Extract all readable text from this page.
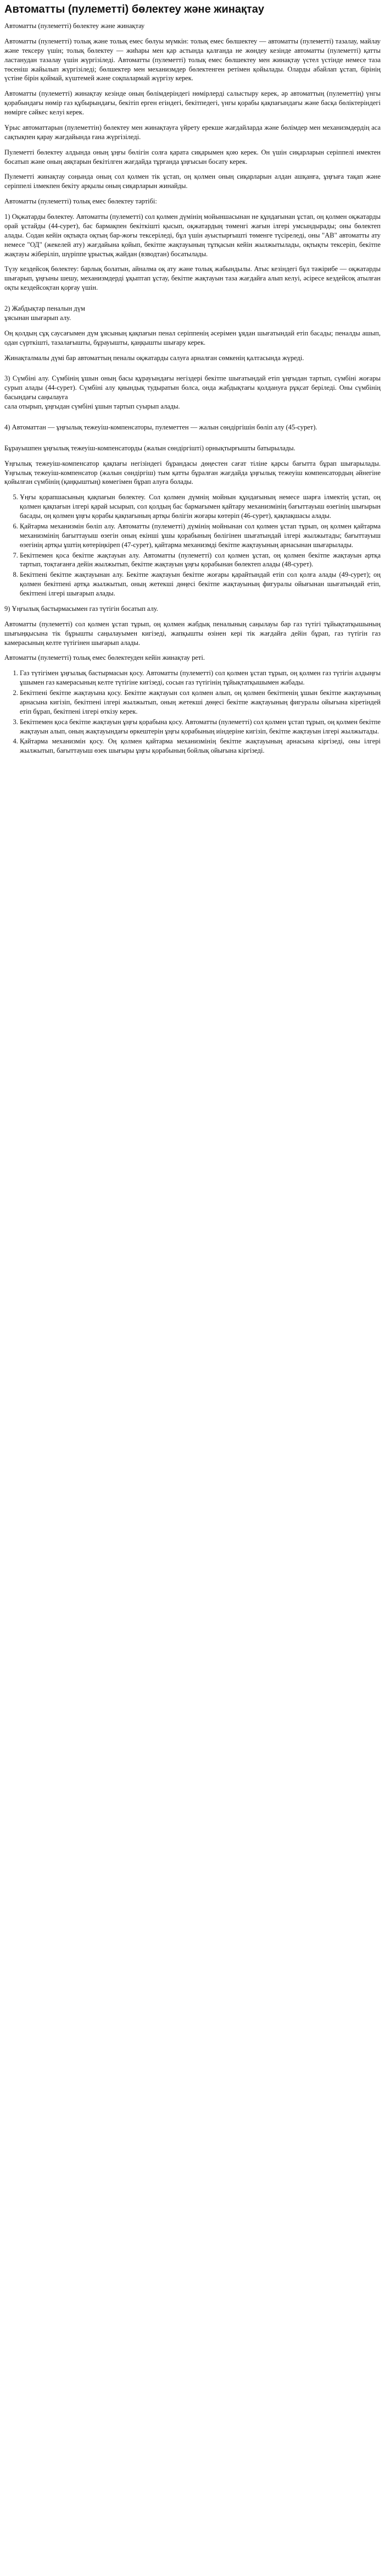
Автоматты (пулеметті) бөлектеу және жинақтау

Автоматты (пулеметті) бөлектеу және жинақтау

Автоматты (пулеметті) толық және толық емес бөлуы мүмкін: толық емес бөлшектеу — автоматты (пулеметті) тазалау, майлау және тексеру үшін; толық бөлектеу — жиһары мен қар астында қалғанда не жөндеу кезінде автоматты (пулеметті) қатты ластанудан тазалау үшін жүргізіледі. Автоматты (пулеметті) толық емес бөлшектеу мен жинақтау үстел үстінде немесе таза төсеніш жайылып жүргізіледі; бөлшектер мен механизмдер бөлектенген ретімен қойылады. Оларды абайлап ұстап, бірінің үстіне бірін қоймай, күштемей және соқпалармай жүргізу керек.

Автоматты (пулеметті) жинақтау кезінде оның бөлімдеріндегі нөмірлерді салыстыру керек, әр автоматтың (пулеметтің) үнгы қорабындағы нөмір газ құбырындағы, бекітіп ерген егіндегі, бекітпедегі, үнгы қорабы қақпағындағы және басқа бөліктеріндегі нөмірге сәйкес келуі керек.

Ұрыс автоматтарын (пулеметтін) бөлектеу мен жинақтауға үйрету ерекше жағдайларда және бөлімдер мен механизмдердің аса сақтықпен қарау жағдайында ғана жүргізіледі.

Пулеметті бөлектеу алдында оның ұңғы бөлігін солға қарата сиқарымен қою керек. Он үшін сиқарларын серіппелі имектен босатып және оның аяқтарын бекітілген жағдайда тұрғанда ұңғысын босату керек.

Пулеметті жинақтау соңында оның сол қолмен тік ұстап, оң қолмен оның сиқарларын алдан ашқанға, ұңғыға тақап және серіппелі ілмекпен бекіту арқылы оның сиқарларын жинайды.

Автоматты (пулеметті) толық емес бөлектеу тәртібі:

1) Оқжатарды бөлектеу. Автоматты (пулеметті) сол қолмен дүмінің мойыншасынан не құндағынан ұстап, оң қолмен оқжатарды орай ұстайды (44-сурет), бас бармақпен бекіткішті қысып, оқжатардың төменгі жағын ілгері умсындырады; оны бөлектеп алады. Содан кейін оқтықта оқтың бар-жоғы тексеріледі, бұл үшін ауыстырғышті төменге түсіреледі, оны "АВ" автоматты ату немесе "ОД" (жекелей ату) жағдайына қойып, бекітпе жақтауының тұтқасын кейін жылжытылады, оқтықты тексеріп, бекітпе жақтауы жіберіліп, шүріппе ұрыстық жайдан (взводтан) босатылады.

Түзу кездейсоқ бөлектеу: барлық болатын, айналма оқ ату және толық жабындылы. Атыс кезіндегі бұл тәжірибе — оқжатарды шығарып, ұңғыны шешу, механизмдерді ұқыптап ұстау, бекітпе жақтауын таза жағдайға алып келуі, әсіресе кездейсоқ атылған оқты кездейсоқтан қорғау үшін.

2) Жабдықтар пеналын дүм
ұясынан шығарып алу.

Оң қолдың сұқ саусағымен дүм ұясының қақпағын пенал серіппенің әсерімен ұядан шығатындай етіп басады; пеналды ашып, одан сүрткішті, тазалағышты, бұрауышты, қаңқышты шығару керек.

Жинақталмалы дүмі бар автоматтың пеналы оқжатарды салуға арналған сөмкенің қалтасында жүреді.

3) Сүмбіні алу. Сүмбінің ұшын оның басы құрауындағы негіздері бекітпе шығатындай етіп ұңғыдан тартып, сүмбіні жоғары сурып алады (44-сурет). Сүмбіні алу қиындық тудыратын болса, онда жабдықтағы қолдануға рұқсат беріледі. Оны сүмбінің басындағы саңылауға
сала отырып, ұңғыдан сүмбіні ұшын тартып суырып алады.

4) Автоматтан — ұңғылық тежеуіш-компенсаторы, пулеметтен — жалын сөндіргішін бөліп алу (45-сурет).

Бұрауышпен ұңғылық тежеуіш-компенсаторды (жалын сөндіргішті) орнықтырғышты батырылады.

Ұңғылық тежеуіш-компенсатор қақпағы негізіндегі бұрандасы дөңестен сағат тіліне қарсы бағытта бұрап шығарылады. Ұңғылық тежеуіш-компенсатор (жалын сөндіргіш) тым қатты бұралған жағдайда ұңғылық тежеуіш компенсатордың әйнегіне қойылған сүмбінің (қаңқыштың) көмегімен бұрап алуға болады.

5. Ұңғы қорапшасының қақпағын бөлектеу. Сол қолмен дүмнің мойнын құндағының немесе шарға ілмектің ұстап, оң қолмен қақпағын ілгері қарай ысырып, сол қолдың бас бармағымен қайтару механизмінің бағыттауыш өзегінің шығырын басады, оң қолмен ұңғы қорабы қақпағының артқы бөлігін жоғары көтеріп (46-сурет), қақпақшасы алады.
6. Қайтарма механизмін бөліп алу. Автоматты (пулеметті) дүмінің мойнынан сол қолмен ұстап тұрып, оң қолмен қайтарма механизмінің бағыттауыш өзегін оның екінші ұшы қорабының бөлігінен шығатындай ілгері жылжытады; бағыттауыш өзегінің артқы ұштің көтеріңкіреп (47-сурет), қайтарма механизмді бекітпе жақтауының арнасынан шығарылады.
7. Бекітпемен қоса бекітпе жақтауын алу. Автоматты (пулеметті) сол қолмен ұстап, оң қолмен бекітпе жақтауын артқа тартып, тоқтағанға дейін жылжытып, бекітпе жақтауын ұңғы қорабынан бөлектеп алады (48-сурет).
8. Бекітпені бекітпе жақтауынан алу. Бекітпе жақтауын бекітпе жоғары қарайтындай етіп сол қолға алады (49-сурет); оң қолмен бекітпені артқа жылжытып, оның жетекші дөңесі бекітпе жақтауының фигуралы ойығынан шығатындай етіп, бекітпені ілгері шығарып алады.

9) Ұңғылық бастырмасымен газ түтігін босатып алу.

Автоматты (пулеметті) сол қолмен ұстап тұрып, оң қолмен жабдық пеналының саңылауы бар газ түтігі тұйықтатқышының шығыңқысына тік бұрышты саңылауымен кигізеді, жапқышты өзінен кері тік жағдайға дейін бұрап, газ түтігін газ камерасының келте түтігінен шығарып алады.

Автоматты (пулеметті) толық емес бөлектеуден кейін жинақтау реті.

1. Газ түтігімен ұңғылық бастырмасын қосу. Автоматты (пулеметті) сол қолмен ұстап тұрып, оң қолмен газ түтігін алдыңғы ұшымен газ камерасының келте түтігіне кигізеді, сосын газ түтігінің тұйықтатқышымен жабады.
2. Бекітпені бекітпе жақтауына қосу. Бекітпе жақтауын сол қолмен алып, оң қолмен бекітпенің ұшын бекітпе жақтауының арнасына кигізіп, бекітпені ілгері жылжытып, оның жетекші дөңесі бекітпе жақтауының фигуралы ойығына кіретіндей етіп бұрап, бекітпені ілгері өткізу керек.
3. Бекітпемен қоса бекітпе жақтауын ұңғы қорабына қосу. Автоматты (пулеметті) сол қолмен ұстап тұрып, оң қолмен бекітпе жақтауын алып, оның жақтауындағы өркештерін ұңғы қорабының иіндеріне кигізіп, бекітпе жақтауын ілгері жылжытады.
4. Қайтарма механизмін қосу. Оң қолмен қайтарма механизмінің бекітпе жақтауының арнасына кіргізеді, оны ілгері жылжытып, бағыттауыш өзек шығыры ұңғы қорабының бойлық ойығына кіргізеді.
